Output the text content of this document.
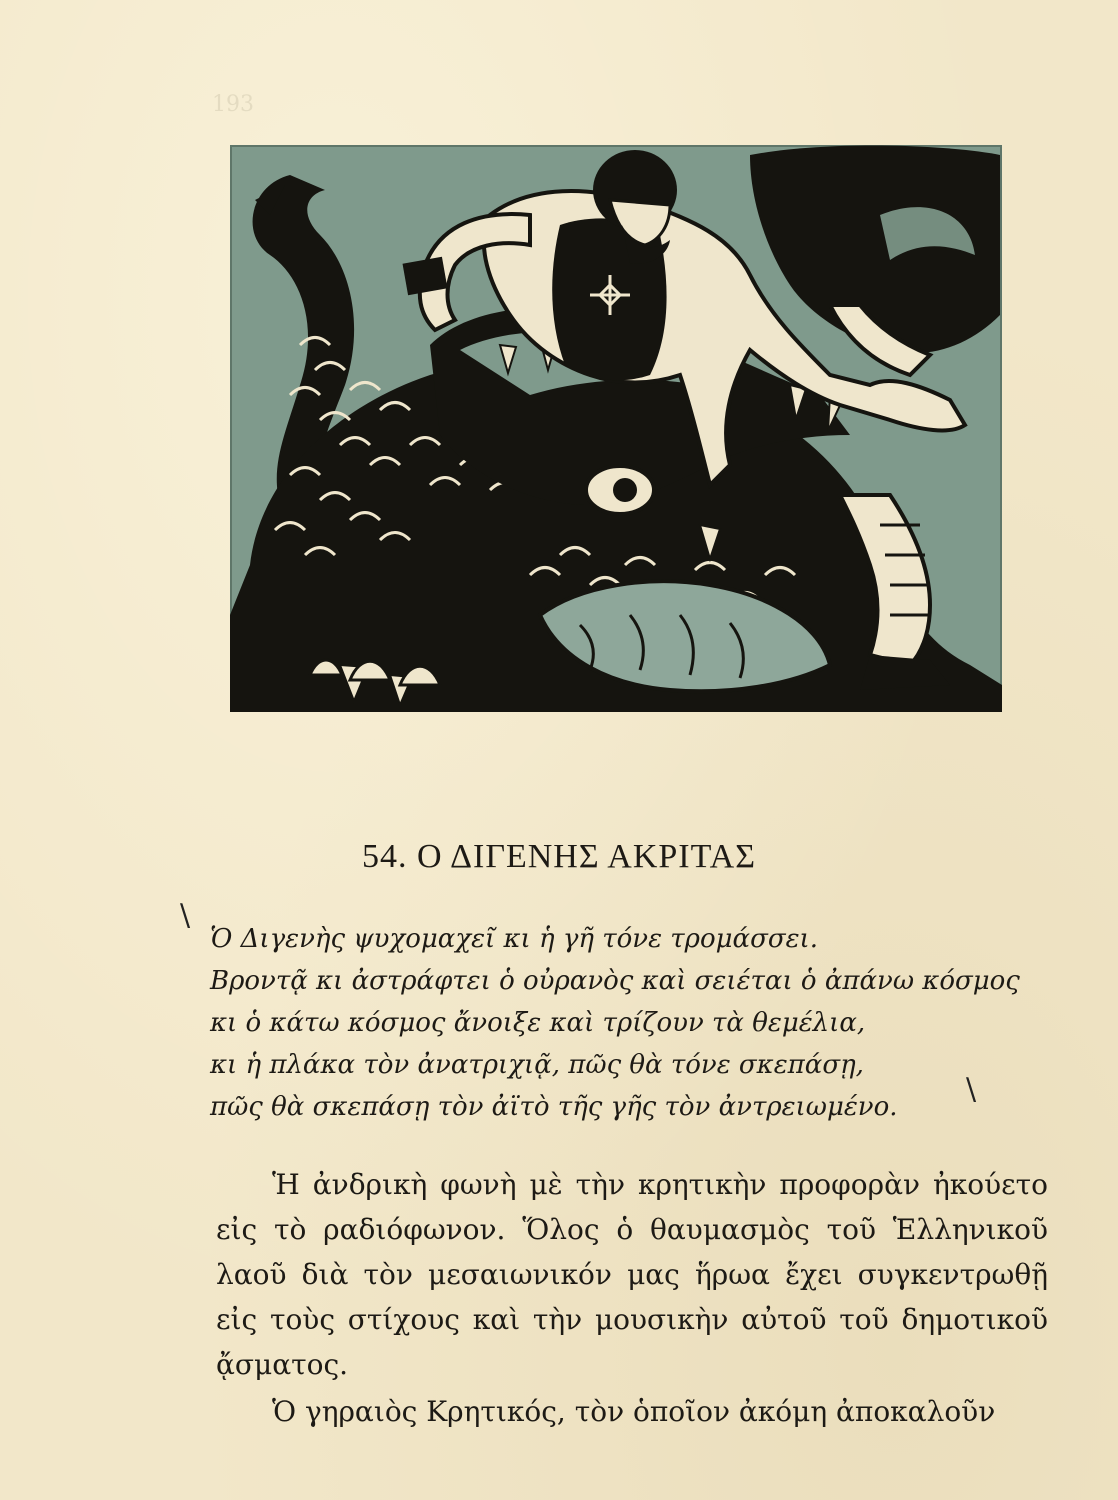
193
54. Ο ΔΙΓΕΝΗΣ ΑΚΡΙΤΑΣ
\
\
Ὁ Διγενὴς ψυχομαχεῖ κι ἡ γῆ τόνε τρομάσσει.
Βροντᾷ κι ἀστράφτει ὁ οὐρανὸς καὶ σειέται ὁ ἀπάνω κόσμος
κι ὁ κάτω κόσμος ἄνοιξε καὶ τρίζουν τὰ θεμέλια,
κι ἡ πλάκα τὸν ἀνατριχιᾷ, πῶς θὰ τόνε σκεπάσῃ,
πῶς θὰ σκεπάσῃ τὸν ἀϊτὸ τῆς γῆς τὸν ἀντρειωμένο.

Ἡ ἀνδρικὴ φωνὴ μὲ τὴν κρητικὴν προφορὰν ἠκούετο εἰς τὸ ραδιόφωνον. Ὅλος ὁ θαυμασμὸς τοῦ Ἑλληνικοῦ λαοῦ διὰ τὸν μεσαιωνικόν μας ἥρωα ἔχει συγκεντρωθῇ εἰς τοὺς στίχους καὶ τὴν μουσικὴν αὐτοῦ τοῦ δημοτικοῦ ᾄσματος.

Ὁ γηραιὸς Κρητικός, τὸν ὁποῖον ἀκόμη ἀποκαλοῦν
